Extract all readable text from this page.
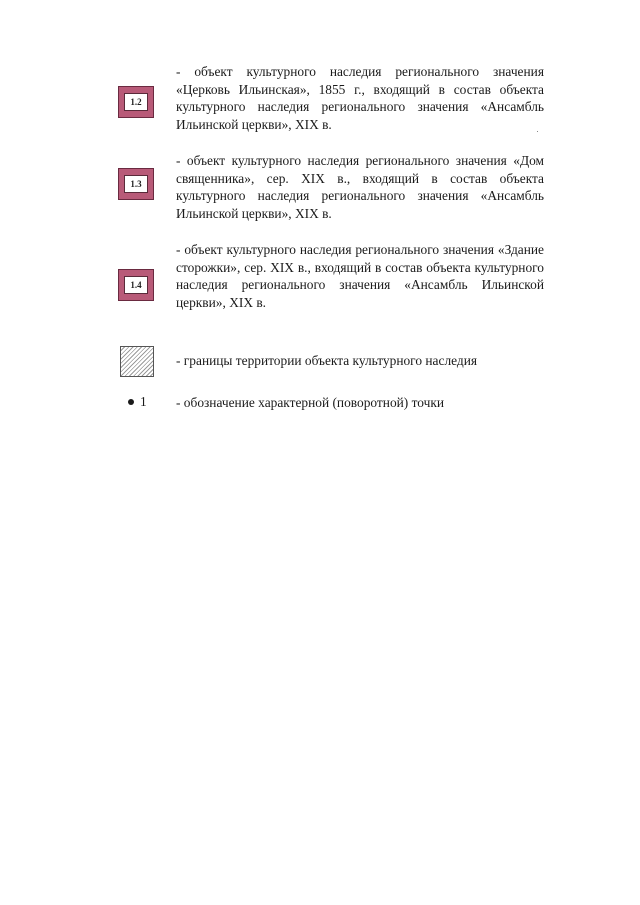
1.2
- объект культурного наследия регионального значения «Церковь Ильинская», 1855 г., входящий в состав объекта культурного наследия регионального значения «Ансамбль Ильинской церкви», XIX в.
1.3
- объект культурного наследия регионального значения «Дом священника», сер. XIX в., входящий в состав объекта культурного наследия регионального значения «Ансамбль Ильинской церкви», XIX в.
1.4
- объект культурного наследия регионального значения «Здание сторожки», сер. XIX в., входящий в состав объекта культурного наследия регионального значения «Ансамбль Ильинской церкви», XIX в.
- границы территории объекта культурного наследия
1 - обозначение характерной (поворотной) точки
